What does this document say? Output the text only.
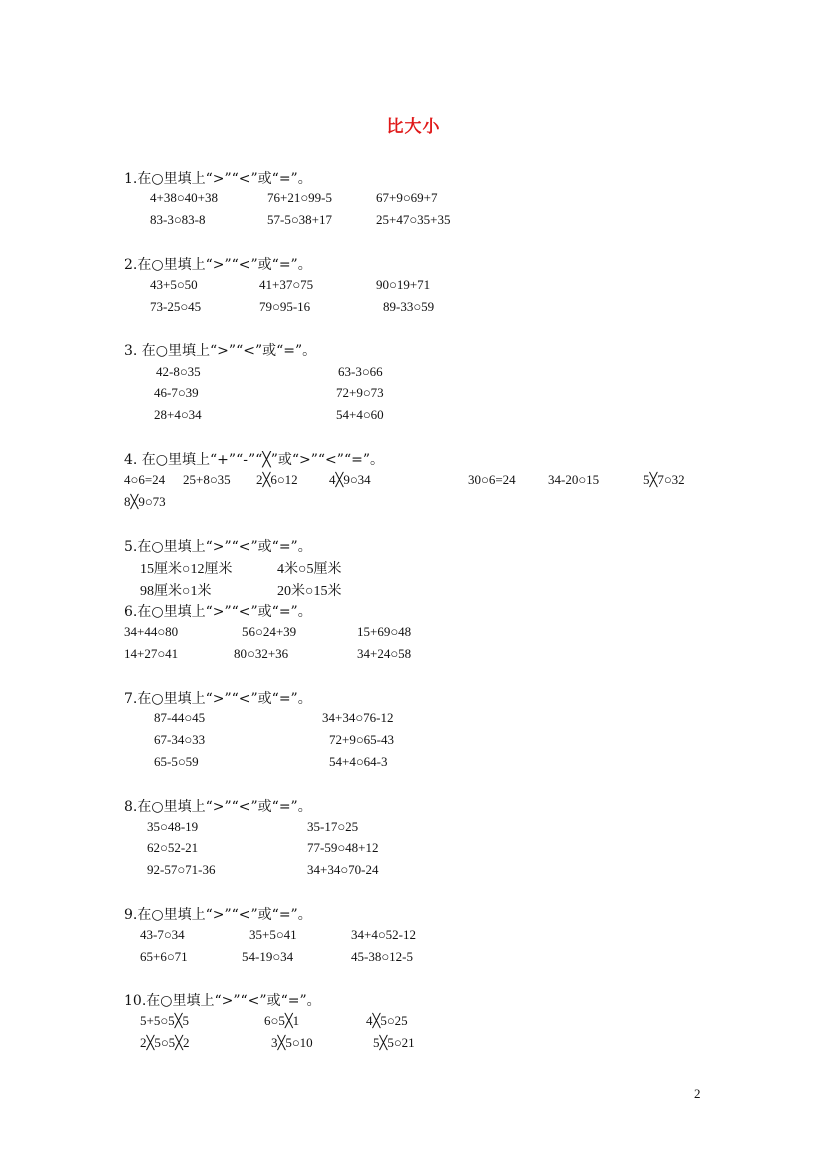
比大小
1.在○里填上“>”“<”或“=”。
4+38○40+38	76+21○99-5	67+9○69+7
83-3○83-8	57-5○38+17	25+47○35+35
2.在○里填上“>”“<”或“=”。
43+5○50	41+37○75	90○19+71
73-25○45	79○95-16	89-33○59
3. 在○里填上“>”“<”或“=”。
42-8○35	63-3○66
46-7○39	72+9○73
28+4○34	54+4○60
4. 在○里填上“+”“-”“╳”或“>”“<”“=”。
4○6=24 25+8○35 2╳6○12 4╳9○34	30○6=24 34-20○15	5╳7○32
8╳9○73
5.在○里填上“>”“<”或“=”。
15厘米○12厘米	4米○5厘米
98厘米○1米	20米○15米
6.在○里填上“>”“<”或“=”。
34+44○80	56○24+39	15+69○48
14+27○41	80○32+36	34+24○58
7.在○里填上“>”“<”或“=”。
87-44○45	34+34○76-12
67-34○33	72+9○65-43
65-5○59	54+4○64-3
8.在○里填上“>”“<”或“=”。
35○48-19	35-17○25
62○52-21	77-59○48+12
92-57○71-36	34+34○70-24
9.在○里填上“>”“<”或“=”。
43-7○34	35+5○41	34+4○52-12
65+6○71	54-19○34	45-38○12-5
10.在○里填上“>”“<”或“=”。
5+5○5╳5	6○5╳1	4╳5○25
2╳5○5╳2	3╳5○10	5╳5○21
2
